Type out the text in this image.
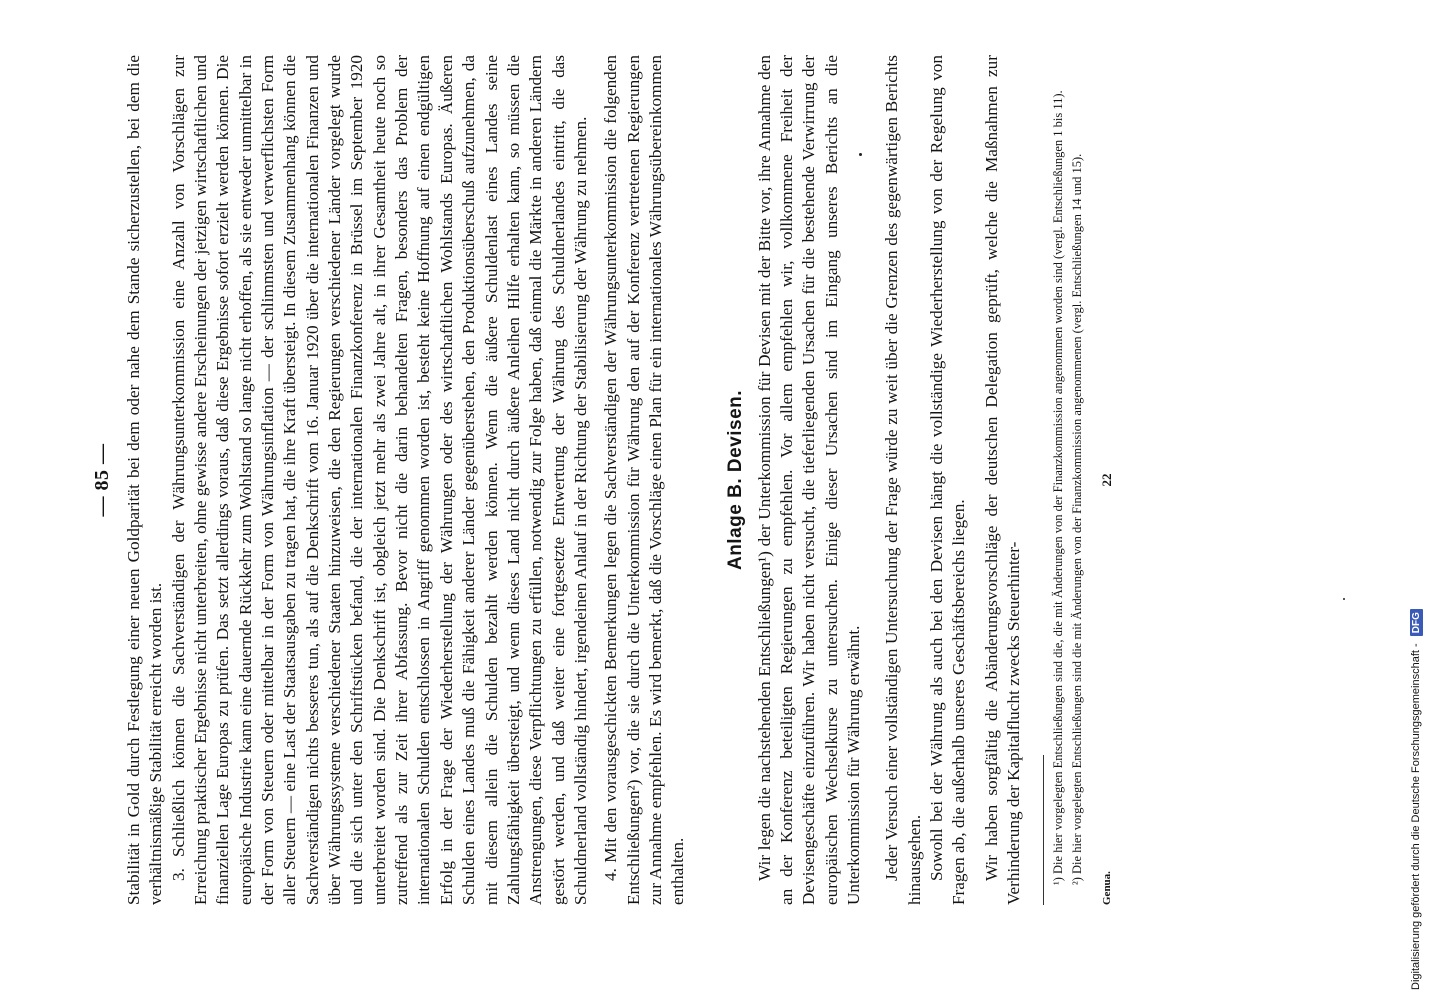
— 85 — Stabilität in Gold durch Festlegung einer neuen Goldparität bei dem oder nahe dem Stande sicherzustellen, bei dem die verhältnismäßige Stabilität erreicht worden ist. 3. Schließlich können die Sachverständigen der Währungsunterkommission eine Anzahl von Vorschlägen zur Erreichung praktischer Ergebnisse nicht unterbreiten, ohne gewisse andere Erscheinungen der jetzigen wirtschaftlichen und finanziellen Lage Europas zu prüfen. Das setzt allerdings voraus, daß diese Ergebnisse sofort erzielt werden können. Die europäische Industrie kann eine dauernde Rückkehr zum Wohlstand so lange nicht erhoffen, als sie entweder unmittelbar in der Form von Steuern oder mittelbar in der Form von Währungsinflation — der schlimmsten und verwerflichsten Form aller Steuern — eine Last der Staatsausgaben zu tragen hat, die ihre Kraft übersteigt. In diesem Zusammenhang können die Sachverständigen nichts besseres tun, als auf die Denkschrift vom 16. Januar 1920 über die internationalen Finanzen und über Währungssysteme verschiedener Staaten hinzuweisen, die den Regierungen verschiedener Länder vorgelegt wurde und die sich unter den Schriftstücken befand, die der internationalen Finanzkonferenz in Brüssel im September 1920 unterbreitet worden sind. Die Denkschrift ist, obgleich jetzt mehr als zwei Jahre alt, in ihrer Gesamtheit heute noch so zutreffend als zur Zeit ihrer Abfassung. Bevor nicht die darin behandelten Fragen, besonders das Problem der internationalen Schulden entschlossen in Angriff genommen worden ist, besteht keine Hoffnung auf einen endgültigen Erfolg in der Frage der Wiederherstellung der Währungen oder des wirtschaftlichen Wohlstands Europas. Äußeren Schulden eines Landes muß die Fähigkeit anderer Länder gegenüberstehen, den Produktionsüberschuß aufzunehmen, da mit diesem allein die Schulden bezahlt werden können. Wenn die äußere Schuldenlast eines Landes seine Zahlungsfähigkeit übersteigt, und wenn dieses Land nicht durch äußere Anleihen Hilfe erhalten kann, so müssen die Anstrengungen, diese Verpflichtungen zu erfüllen, notwendig zur Folge haben, daß einmal die Märkte in anderen Ländern gestört werden, und daß weiter eine fortgesetzte Entwertung der Währung des Schuldnerlandes eintritt, die das Schuldnerland vollständig hindert, irgendeinen Anlauf in der Richtung der Stabilisierung der Währung zu nehmen. 4. Mit den vorausgeschickten Bemerkungen legen die Sachverständigen der Währungsunterkommission die folgenden Entschließungen²) vor, die sie durch die Unterkommission für Währung den auf der Konferenz vertretenen Regierungen zur Annahme empfehlen. Es wird bemerkt, daß die Vorschläge einen Plan für ein internationales Währungsübereinkommen enthalten.

Anlage B. Devisen. Wir legen die nachstehenden Entschließungen¹) der Unterkommission für Devisen mit der Bitte vor, ihre Annahme den an der Konferenz beteiligten Regierungen zu empfehlen. Vor allem empfehlen wir, vollkommene Freiheit der Devisengeschäfte einzuführen. Wir haben nicht versucht, die tieferliegenden Ursachen für die bestehende Verwirrung der europäischen Wechselkurse zu untersuchen. Einige dieser Ursachen sind im Eingang unseres Berichts an die Unterkommission für Währung erwähnt. Jeder Versuch einer vollständigen Untersuchung der Frage würde zu weit über die Grenzen des gegenwärtigen Berichts hinausgehen. Sowohl bei der Währung als auch bei den Devisen hängt die vollständige Wiederherstellung von der Regelung von Fragen ab, die außerhalb unseres Geschäftsbereichs liegen. Wir haben sorgfältig die Abänderungsvorschläge der deutschen Delegation geprüft, welche die Maßnahmen zur Verhinderung der Kapitalflucht zwecks Steuerhinter- ¹) Die hier vorgelegten Entschließungen sind die, die mit Änderungen von der Finanzkommission angenommen worden sind (vergl. Entschließungen 1 bis 11). ²) Die hier vorgelegten Entschließungen sind die mit Änderungen von der Finanzkommission angenommenen (vergl. Entschließungen 14 und 15).

Genua.
22
Digitalisierung gefördert durch die Deutsche Forschungsgemeinschaft - DFG
